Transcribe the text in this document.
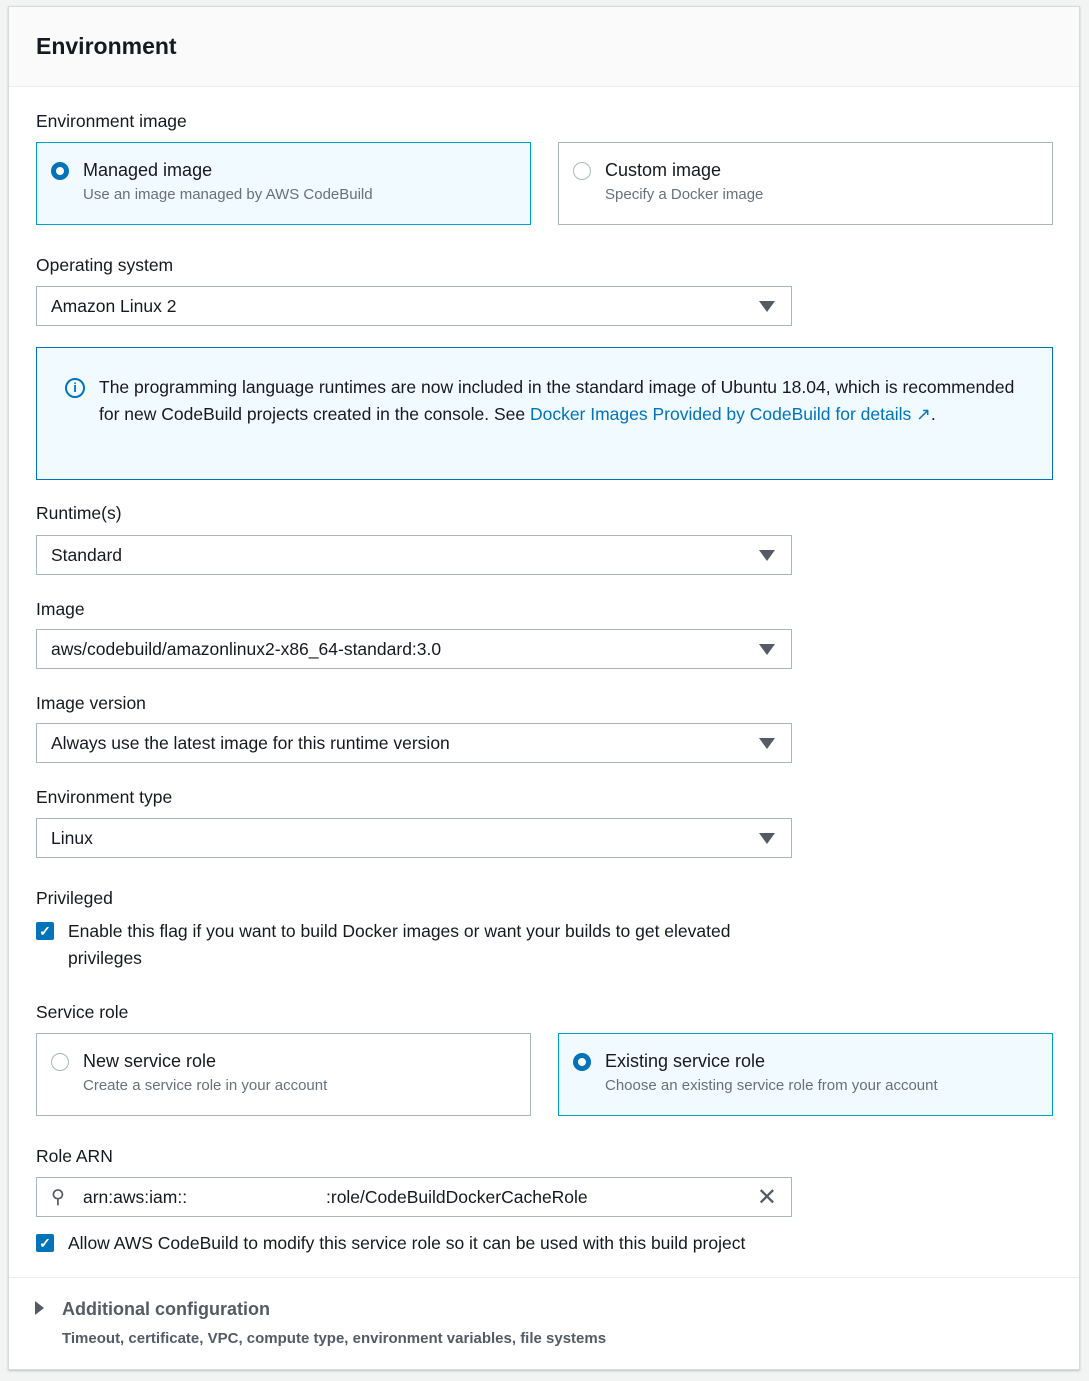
Environment
Environment image
Managed image
Use an image managed by AWS CodeBuild
Custom image
Specify a Docker image
Operating system
Amazon Linux 2
i	The programming language runtimes are now included in the standard image of Ubuntu 18.04, which is recommended for new CodeBuild projects created in the console. See Docker Images Provided by CodeBuild for details ↗.
Runtime(s)
Standard
Image
aws/codebuild/amazonlinux2-x86_64-standard:3.0
Image version
Always use the latest image for this runtime version
Environment type
Linux
Privileged
✓ Enable this flag if you want to build Docker images or want your builds to get elevated privileges
Service role
New service role
Create a service role in your account
Existing service role
Choose an existing service role from your account
Role ARN
⚲ arn:aws:iam::	:role/CodeBuildDockerCacheRole	✕
✓ Allow AWS CodeBuild to modify this service role so it can be used with this build project
Additional configuration
Timeout, certificate, VPC, compute type, environment variables, file systems
